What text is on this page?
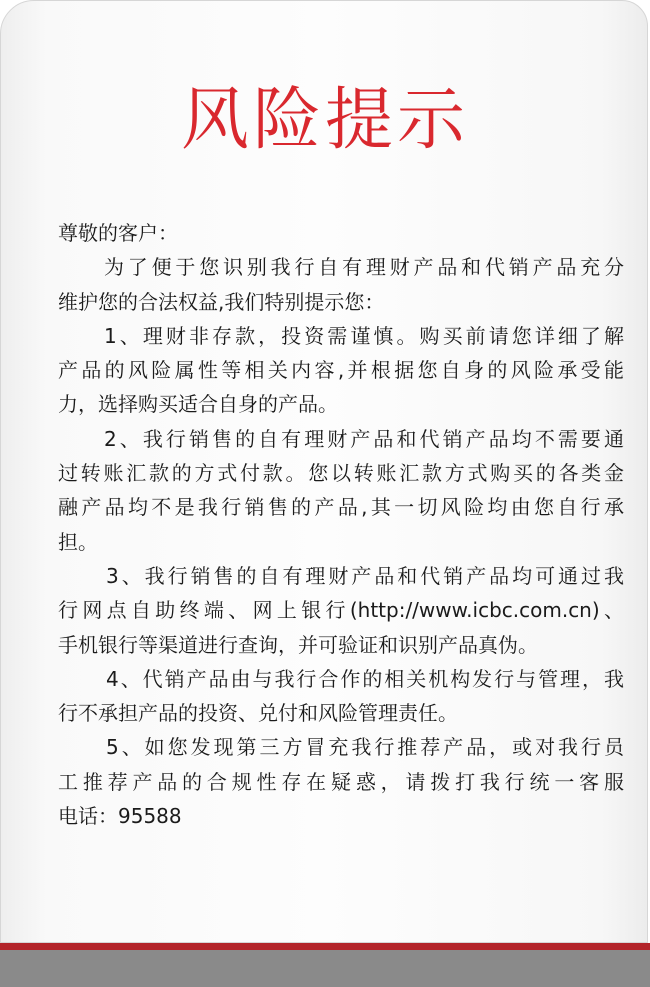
风险提示
尊敬的客户：
为了便于您识别我行自有理财产品和代销产品充分
维护您的合法权益,我们特别提示您：
1、理财非存款，投资需谨慎。购买前请您详细了解
产品的风险属性等相关内容,并根据您自身的风险承受能
力，选择购买适合自身的产品。
2、我行销售的自有理财产品和代销产品均不需要通
过转账汇款的方式付款。您以转账汇款方式购买的各类金
融产品均不是我行销售的产品,其一切风险均由您自行承
担。
3、我行销售的自有理财产品和代销产品均可通过我
行网点自助终端、网上银行(http://www.icbc.com.cn)、
手机银行等渠道进行查询，并可验证和识别产品真伪。
4、代销产品由与我行合作的相关机构发行与管理，我
行不承担产品的投资、兑付和风险管理责任。
5、如您发现第三方冒充我行推荐产品，或对我行员
工推荐产品的合规性存在疑惑，请拨打我行统一客服
电话：95588
